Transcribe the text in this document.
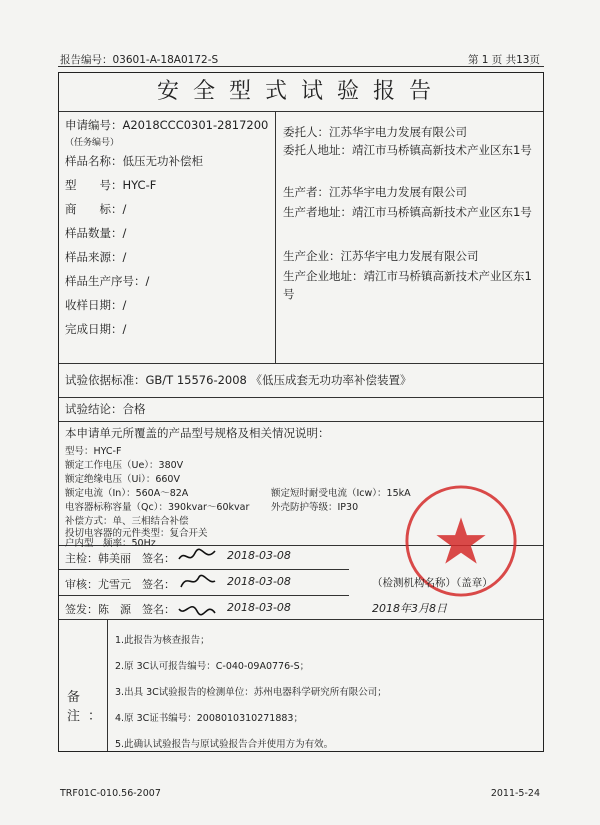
报告编号：03601-A-18A0172-S	第 1 页 共13页
安全型式试验报告
申请编号：A2018CCC0301-2817200
（任务编号）
样品名称：低压无功补偿柜
型　　号：HYC-F
商　　标：/
样品数量：/
样品来源：/
样品生产序号：/
收样日期：/
完成日期：/
委托人：江苏华宇电力发展有限公司
委托人地址：靖江市马桥镇高新技术产业区东1号
生产者：江苏华宇电力发展有限公司
生产者地址：靖江市马桥镇高新技术产业区东1号
生产企业：江苏华宇电力发展有限公司
生产企业地址：靖江市马桥镇高新技术产业区东1号
试验依据标准：GB/T 15576-2008 《低压成套无功功率补偿装置》
试验结论：合格
本申请单元所覆盖的产品型号规格及相关情况说明：
型号：HYC-F
额定工作电压（Ue）：380V
额定绝缘电压（Ui）：660V
额定电流（In）：560A～82A	额定短时耐受电流（Icw）：15kA
电容器标称容量（Qc）：390kvar～60kvar 外壳防护等级：IP30
补偿方式：单、三相结合补偿
投切电容器的元件类型：复合开关
户内型　频率：50Hz
主检：韩美丽　签名：	2018-03-08
审核：尤雪元　签名：	2018-03-08
签发：陈　源　签名：	2018-03-08
备注：
1.此报告为核查报告；
2.原 3C认可报告编号：C-040-09A0776-S；
3.出具 3C试验报告的检测单位：苏州电器科学研究所有限公司；
4.原 3C证书编号：2008010310271883；
5.此确认试验报告与原试验报告合并使用方为有效。
（检测机构名称）（盖章）
2018年3月8日
TRF01C-010.56-2007	2011-5-24
